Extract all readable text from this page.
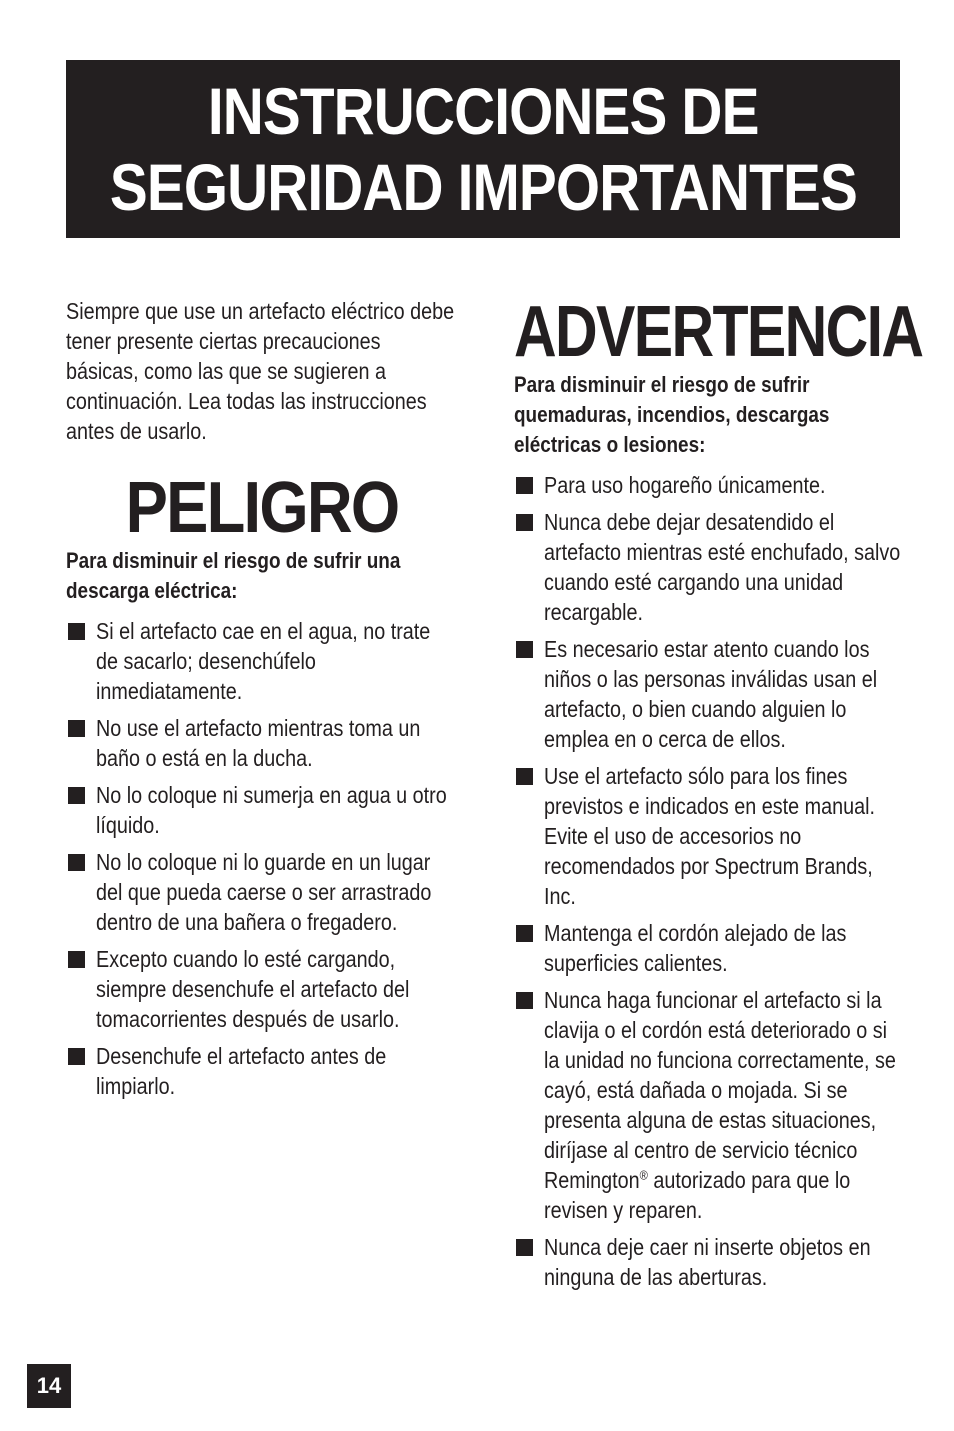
INSTRUCCIONES DE
SEGURIDAD IMPORTANTES
Siempre que use un artefacto eléctrico debe tener presente ciertas precauciones básicas, como las que se sugieren a continuación. Lea todas las instrucciones antes de usarlo.
PELIGRO
Para disminuir el riesgo de sufrir una descarga eléctrica:
Si el artefacto cae en el agua, no trate de sacarlo; desenchúfelo inmediatamente.
No use el artefacto mientras toma un baño o está en la ducha.
No lo coloque ni sumerja en agua u otro líquido.
No lo coloque ni lo guarde en un lugar del que pueda caerse o ser arrastrado dentro de una bañera o fregadero.
Excepto cuando lo esté cargando, siempre desenchufe el artefacto del tomacorrientes después de usarlo.
Desenchufe el artefacto antes de limpiarlo.
ADVERTENCIA
Para disminuir el riesgo de sufrir quemaduras, incendios, descargas eléctricas o lesiones:
Para uso hogareño únicamente.
Nunca debe dejar desatendido el artefacto mientras esté enchufado, salvo cuando esté cargando una unidad recargable.
Es necesario estar atento cuando los niños o las personas inválidas usan el artefacto, o bien cuando alguien lo emplea en o cerca de ellos.
Use el artefacto sólo para los fines previstos e indicados en este manual. Evite el uso de accesorios no recomendados por Spectrum Brands, Inc.
Mantenga el cordón alejado de las superficies calientes.
Nunca haga funcionar el artefacto si la clavija o el cordón está deteriorado o si la unidad no funciona correctamente, se cayó, está dañada o mojada. Si se presenta alguna de estas situaciones, diríjase al centro de servicio técnico Remington® autorizado para que lo revisen y reparen.
Nunca deje caer ni inserte objetos en ninguna de las aberturas.
14
